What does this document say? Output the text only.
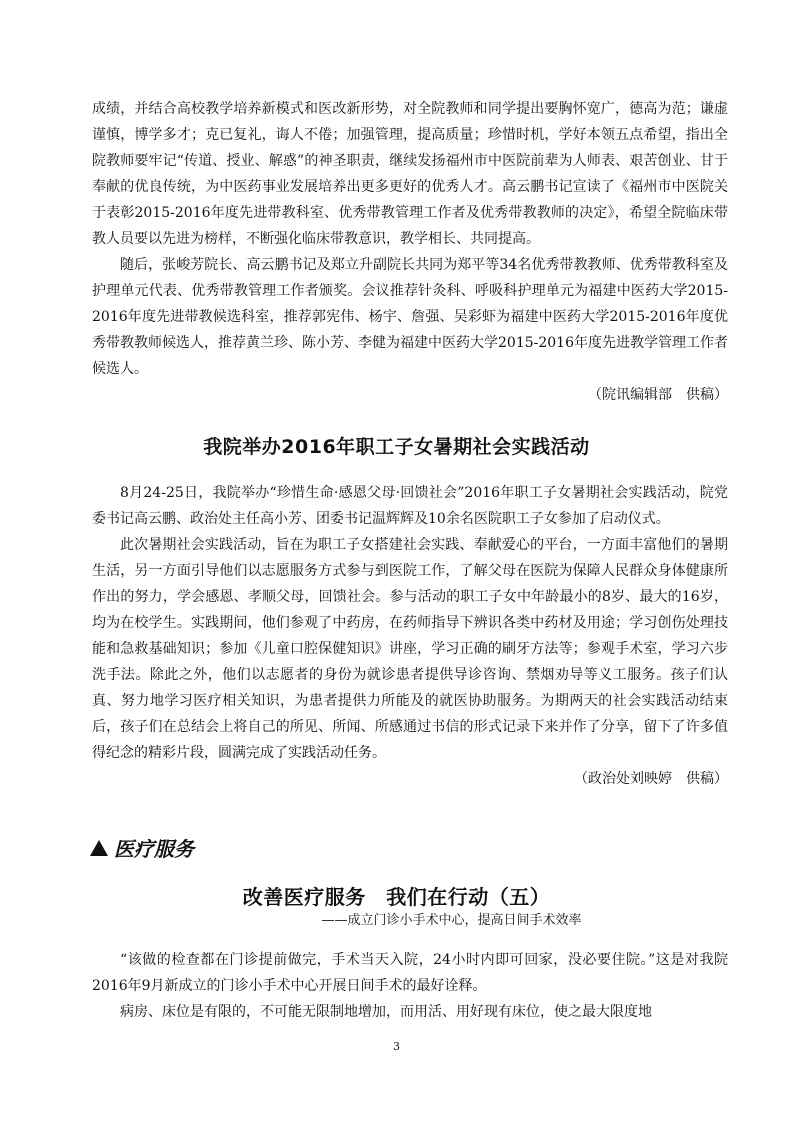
成绩，并结合高校教学培养新模式和医改新形势，对全院教师和同学提出要胸怀宽广，德高为范；谦虚谨慎，博学多才；克已复礼，诲人不倦；加强管理，提高质量；珍惜时机，学好本领五点希望，指出全院教师要牢记“传道、授业、解惑”的神圣职责，继续发扬福州市中医院前辈为人师表、艰苦创业、甘于奉献的优良传统，为中医药事业发展培养出更多更好的优秀人才。高云鹏书记宣读了《福州市中医院关于表彰2015-2016年度先进带教科室、优秀带教管理工作者及优秀带教教师的决定》，希望全院临床带教人员要以先进为榜样，不断强化临床带教意识，教学相长、共同提高。

随后，张峻芳院长、高云鹏书记及郑立升副院长共同为郑平等34名优秀带教教师、优秀带教科室及护理单元代表、优秀带教管理工作者颁奖。会议推荐针灸科、呼吸科护理单元为福建中医药大学2015-2016年度先进带教候选科室，推荐郭宪伟、杨宇、詹强、吴彩虾为福建中医药大学2015-2016年度优秀带教教师候选人，推荐黄兰珍、陈小芳、李健为福建中医药大学2015-2016年度先进教学管理工作者候选人。

（院讯编辑部　供稿）

我院举办2016年职工子女暑期社会实践活动

8月24-25日，我院举办“珍惜生命·感恩父母·回馈社会”2016年职工子女暑期社会实践活动，院党委书记高云鹏、政治处主任高小芳、团委书记温辉辉及10余名医院职工子女参加了启动仪式。

此次暑期社会实践活动，旨在为职工子女搭建社会实践、奉献爱心的平台，一方面丰富他们的暑期生活，另一方面引导他们以志愿服务方式参与到医院工作，了解父母在医院为保障人民群众身体健康所作出的努力，学会感恩、孝顺父母，回馈社会。参与活动的职工子女中年龄最小的8岁、最大的16岁，均为在校学生。实践期间，他们参观了中药房，在药师指导下辨识各类中药材及用途；学习创伤处理技能和急救基础知识；参加《儿童口腔保健知识》讲座，学习正确的刷牙方法等；参观手术室，学习六步洗手法。除此之外，他们以志愿者的身份为就诊患者提供导诊咨询、禁烟劝导等义工服务。孩子们认真、努力地学习医疗相关知识，为患者提供力所能及的就医协助服务。为期两天的社会实践活动结束后，孩子们在总结会上将自己的所见、所闻、所感通过书信的形式记录下来并作了分享，留下了许多值得纪念的精彩片段，圆满完成了实践活动任务。

（政治处刘映婷　供稿）

医疗服务
改善医疗服务　我们在行动（五）
——成立门诊小手术中心，提高日间手术效率

“该做的检查都在门诊提前做完，手术当天入院，24小时内即可回家，没必要住院。”这是对我院2016年9月新成立的门诊小手术中心开展日间手术的最好诠释。

病房、床位是有限的，不可能无限制地增加，而用活、用好现有床位，使之最大限度地

3
